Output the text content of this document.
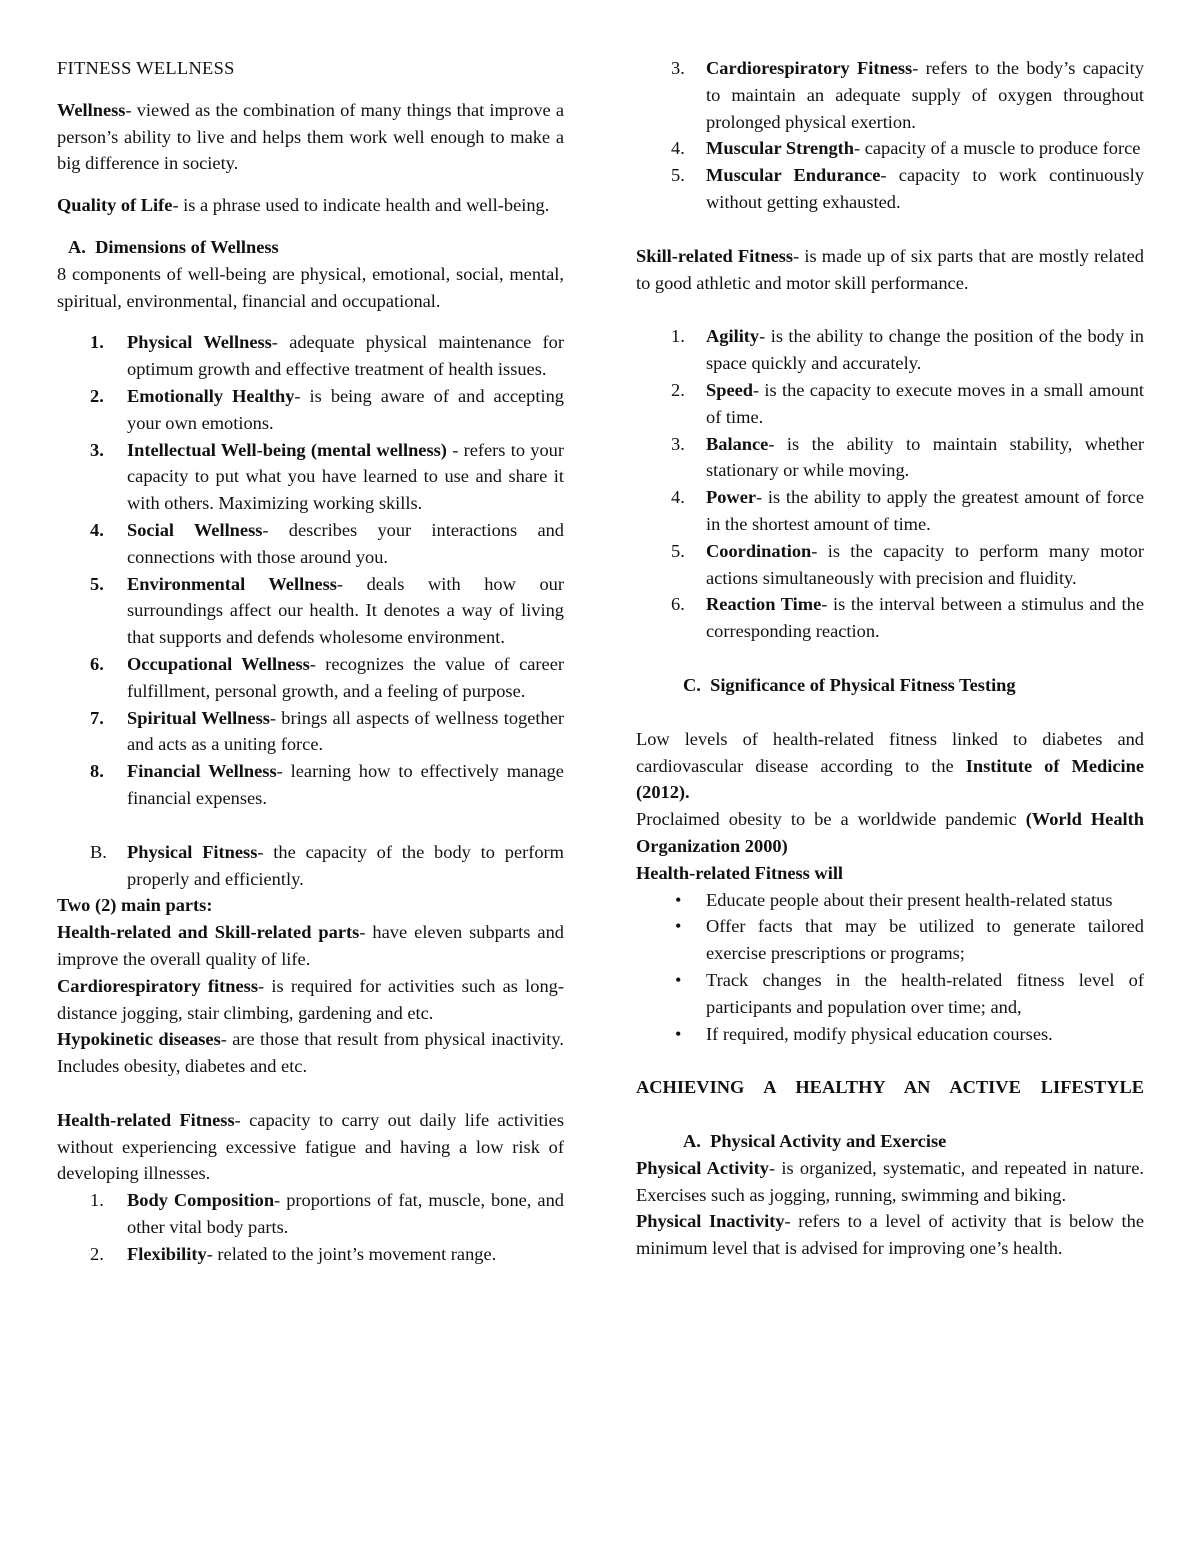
FITNESS WELLNESS

Wellness- viewed as the combination of many things that improve a person’s ability to live and helps them work well enough to make a big difference in society.

Quality of Life- is a phrase used to indicate health and well-being.

A. Dimensions of Wellness

8 components of well-being are physical, emotional, social, mental, spiritual, environmental, financial and occupational.

1. Physical Wellness- adequate physical maintenance for optimum growth and effective treatment of health issues.
2. Emotionally Healthy- is being aware of and accepting your own emotions.
3. Intellectual Well-being (mental wellness) - refers to your capacity to put what you have learned to use and share it with others. Maximizing working skills.
4. Social Wellness- describes your interactions and connections with those around you.
5. Environmental Wellness- deals with how our surroundings affect our health. It denotes a way of living that supports and defends wholesome environment.
6. Occupational Wellness- recognizes the value of career fulfillment, personal growth, and a feeling of purpose.
7. Spiritual Wellness- brings all aspects of wellness together and acts as a uniting force.
8. Financial Wellness- learning how to effectively manage financial expenses.
B. Physical Fitness- the capacity of the body to perform properly and efficiently.

Two (2) main parts:

Health-related and Skill-related parts- have eleven subparts and improve the overall quality of life.

Cardiorespiratory fitness- is required for activities such as long-distance jogging, stair climbing, gardening and etc.

Hypokinetic diseases- are those that result from physical inactivity. Includes obesity, diabetes and etc.

Health-related Fitness- capacity to carry out daily life activities without experiencing excessive fatigue and having a low risk of developing illnesses.

1. Body Composition- proportions of fat, muscle, bone, and other vital body parts.
2. Flexibility- related to the joint’s movement range.
3. Cardiorespiratory Fitness- refers to the body’s capacity to maintain an adequate supply of oxygen throughout prolonged physical exertion.
4. Muscular Strength- capacity of a muscle to produce force
5. Muscular Endurance- capacity to work continuously without getting exhausted.

Skill-related Fitness- is made up of six parts that are mostly related to good athletic and motor skill performance.

1. Agility- is the ability to change the position of the body in space quickly and accurately.
2. Speed- is the capacity to execute moves in a small amount of time.
3. Balance- is the ability to maintain stability, whether stationary or while moving.
4. Power- is the ability to apply the greatest amount of force in the shortest amount of time.
5. Coordination- is the capacity to perform many motor actions simultaneously with precision and fluidity.
6. Reaction Time- is the interval between a stimulus and the corresponding reaction.

C. Significance of Physical Fitness Testing

Low levels of health-related fitness linked to diabetes and cardiovascular disease according to the Institute of Medicine (2012).

Proclaimed obesity to be a worldwide pandemic (World Health Organization 2000)

Health-related Fitness will

• Educate people about their present health-related status
• Offer facts that may be utilized to generate tailored exercise prescriptions or programs;
• Track changes in the health-related fitness level of participants and population over time; and,
• If required, modify physical education courses.

ACHIEVING A HEALTHY AN ACTIVE LIFESTYLE

A. Physical Activity and Exercise

Physical Activity- is organized, systematic, and repeated in nature. Exercises such as jogging, running, swimming and biking.

Physical Inactivity- refers to a level of activity that is below the minimum level that is advised for improving one’s health.
